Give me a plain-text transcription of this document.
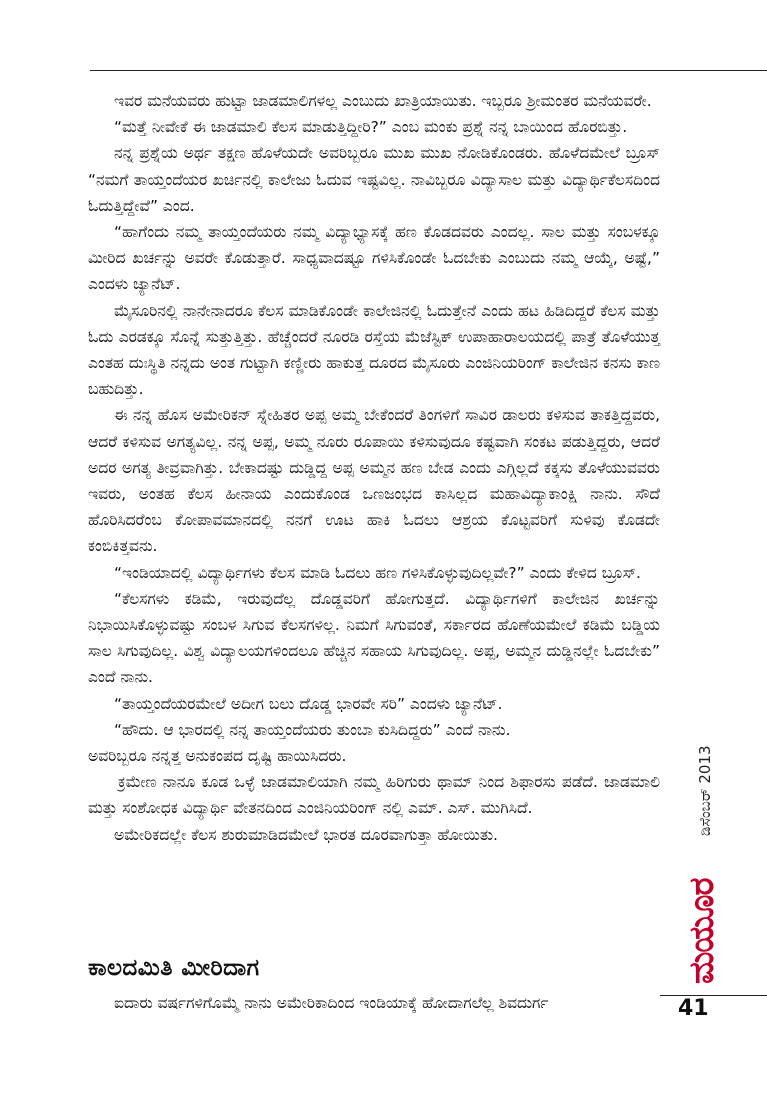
ಇವರ ಮನೆಯವರು ಹುಟ್ಟಾ ಜಾಡಮಾಲಿಗಳಲ್ಲ ಎಂಬುದು ಖಾತ್ರಿಯಾಯಿತು. ಇಬ್ಬರೂ ಶ್ರೀಮಂತರ ಮನೆಯವರೇ.

“ಮತ್ತೆ ನೀವೇಕೆ ಈ ಜಾಡಮಾಲಿ ಕೆಲಸ ಮಾಡುತ್ತಿದ್ದೀರಿ?” ಎಂಬ ಮಂಕು ಪ್ರಶ್ನೆ ನನ್ನ ಬಾಯಿಂದ ಹೊರಬಿತ್ತು.

ನನ್ನ ಪ್ರಶ್ನೆಯ ಅರ್ಥ ತಕ್ಷಣ ಹೊಳೆಯದೇ ಅವರಿಬ್ಬರೂ ಮುಖ ಮುಖ ನೋಡಿಕೊಂಡರು. ಹೊಳೆದಮೇಲೆ ಬ್ರೂಸ್ “ನಮಗೆ ತಾಯ್ತಂದೆಯರ ಖರ್ಚಿನಲ್ಲಿ ಕಾಲೇಜು ಓದುವ ಇಷ್ಟವಿಲ್ಲ. ನಾವಿಬ್ಬರೂ ವಿದ್ಯಾಸಾಲ ಮತ್ತು ವಿದ್ಯಾರ್ಥಿಕೆಲಸದಿಂದ ಓದುತ್ತಿದ್ದೇವೆ” ಎಂದ.

“ಹಾಗೆಂದು ನಮ್ಮ ತಾಯ್ತಂದೆಯರು ನಮ್ಮ ವಿದ್ಯಾಭ್ಯಾಸಕ್ಕೆ ಹಣ ಕೊಡದವರು ಎಂದಲ್ಲ. ಸಾಲ ಮತ್ತು ಸಂಬಳಕ್ಕೂ ಮೀರಿದ ಖರ್ಚನ್ನು ಅವರೇ ಕೊಡುತ್ತಾರೆ. ಸಾಧ್ಯವಾದಷ್ಟೂ ಗಳಿಸಿಕೊಂಡೇ ಓದಬೇಕು ಎಂಬುದು ನಮ್ಮ ಆಯ್ಕೆ, ಅಷ್ಟೆ,” ಎಂದಳು ಜ್ಯಾನೆಟ್.

ಮೈಸೂರಿನಲ್ಲಿ ನಾನೇನಾದರೂ ಕೆಲಸ ಮಾಡಿಕೊಂಡೇ ಕಾಲೇಜಿನಲ್ಲಿ ಓದುತ್ತೇನೆ ಎಂದು ಹಟ ಹಿಡಿದಿದ್ದರೆ ಕೆಲಸ ಮತ್ತು ಓದು ಎರಡಕ್ಕೂ ಸೊನ್ನೆ ಸುತ್ತುತ್ತಿತ್ತು. ಹೆಚ್ಚೆಂದರೆ ನೂರಡಿ ರಸ್ತೆಯ ಮೆಜೆಸ್ಟಿಕ್ ಉಪಾಹಾರಾಲಯದಲ್ಲಿ ಪಾತ್ರೆ ತೊಳೆಯುತ್ತ ಎಂತಹ ದುಃಸ್ಥಿತಿ ನನ್ನದು ಅಂತ ಗುಟ್ಟಾಗಿ ಕಣ್ಣೀರು ಹಾಕುತ್ತ ದೂರದ ಮೈಸೂರು ಎಂಜಿನಿಯರಿಂಗ್ ಕಾಲೇಜಿನ ಕನಸು ಕಾಣ ಬಹುದಿತ್ತು.

ಈ ನನ್ನ ಹೊಸ ಅಮೇರಿಕನ್ ಸ್ನೇಹಿತರ ಅಪ್ಪ ಅಮ್ಮ ಬೇಕೆಂದರೆ ತಿಂಗಳಿಗೆ ಸಾವಿರ ಡಾಲರು ಕಳಿಸುವ ತಾಕತ್ತಿದ್ದವರು, ಆದರೆ ಕಳಿಸುವ ಅಗತ್ಯವಿಲ್ಲ. ನನ್ನ ಅಪ್ಪ, ಅಮ್ಮ ನೂರು ರೂಪಾಯಿ ಕಳಿಸುವುದೂ ಕಷ್ಟವಾಗಿ ಸಂಕಟ ಪಡುತ್ತಿದ್ದರು, ಆದರೆ ಅದರ ಅಗತ್ಯ ತೀವ್ರವಾಗಿತ್ತು. ಬೇಕಾದಷ್ಟು ದುಡ್ಡಿದ್ದ ಅಪ್ಪ ಅಮ್ಮನ ಹಣ ಬೇಡ ಎಂದು ಎಗ್ಗಿಲ್ಲದೆ ಕಕ್ಕಸು ತೊಳೆಯುವವರು ಇವರು, ಅಂತಹ ಕೆಲಸ ಹೀನಾಯ ಎಂದುಕೊಂಡ ಒಣಜಂಭದ ಕಾಸಿಲ್ಲದ ಮಹಾವಿದ್ಯಾಕಾಂಕ್ಷಿ ನಾನು. ಸೌದೆ ಹೊರಿಸಿದರೆಂಬ ಕೋಪಾವಮಾನದಲ್ಲಿ ನನಗೆ ಊಟ ಹಾಕಿ ಓದಲು ಆಶ್ರಯ ಕೊಟ್ಟವರಿಗೆ ಸುಳಿವು ಕೊಡದೇ ಕಂಬಿಕಿತ್ತವನು.

“ಇಂಡಿಯಾದಲ್ಲಿ ವಿದ್ಯಾರ್ಥಿಗಳು ಕೆಲಸ ಮಾಡಿ ಓದಲು ಹಣ ಗಳಿಸಿಕೊಳ್ಳುವುದಿಲ್ಲವೇ?” ಎಂದು ಕೇಳಿದ ಬ್ರೂಸ್.

“ಕೆಲಸಗಳು ಕಡಿಮೆ, ಇರುವುದೆಲ್ಲ ದೊಡ್ಡವರಿಗೆ ಹೋಗುತ್ತದೆ. ವಿದ್ಯಾರ್ಥಿಗಳಿಗೆ ಕಾಲೇಜಿನ ಖರ್ಚನ್ನು ನಿಭಾಯಿಸಿಕೊಳ್ಳುವಷ್ಟು ಸಂಬಳ ಸಿಗುವ ಕೆಲಸಗಳಿಲ್ಲ. ನಿಮಗೆ ಸಿಗುವಂತೆ, ಸರ್ಕಾರದ ಹೊಣೆಯಮೇಲೆ ಕಡಿಮೆ ಬಡ್ಡಿಯ ಸಾಲ ಸಿಗುವುದಿಲ್ಲ. ವಿಶ್ವ ವಿದ್ಯಾಲಯಗಳಿಂದಲೂ ಹೆಚ್ಚಿನ ಸಹಾಯ ಸಿಗುವುದಿಲ್ಲ. ಅಪ್ಪ, ಅಮ್ಮನ ದುಡ್ಡಿನಲ್ಲೇ ಓದಬೇಕು” ಎಂದೆ ನಾನು.

“ತಾಯ್ತಂದೆಯರಮೇಲೆ ಅದೀಗ ಬಲು ದೊಡ್ಡ ಭಾರವೇ ಸರಿ” ಎಂದಳು ಜ್ಯಾನೆಟ್.

“ಹೌದು. ಆ ಭಾರದಲ್ಲಿ ನನ್ನ ತಾಯ್ತಂದೆಯರು ತುಂಬಾ ಕುಸಿದಿದ್ದರು” ಎಂದೆ ನಾನು.

ಅವರಿಬ್ಬರೂ ನನ್ನತ್ತ ಅನುಕಂಪದ ದೃಷ್ಟಿ ಹಾಯಿಸಿದರು.

ಕ್ರಮೇಣ ನಾನೂ ಕೂಡ ಒಳ್ಳೆ ಜಾಡಮಾಲಿಯಾಗಿ ನಮ್ಮ ಹಿರಿಗುರು ಥಾಮ್ ನಿಂದ ಶಿಫಾರಸು ಪಡೆದೆ. ಜಾಡಮಾಲಿ ಮತ್ತು ಸಂಶೋಧಕ ವಿದ್ಯಾರ್ಥಿ ವೇತನದಿಂದ ಎಂಜಿನಿಯರಿಂಗ್ ನಲ್ಲಿ ಎಮ್. ಎಸ್. ಮುಗಿಸಿದೆ.

ಅಮೇರಿಕದಲ್ಲೇ ಕೆಲಸ ಶುರುಮಾಡಿದಮೇಲೆ ಭಾರತ ದೂರವಾಗುತ್ತಾ ಹೋಯಿತು.

ಕಾಲದಮಿತಿ ಮೀರಿದಾಗ
ಐದಾರು ವರ್ಷಗಳಿಗೊಮ್ಮೆ ನಾನು ಅಮೇರಿಕಾದಿಂದ ಇಂಡಿಯಾಕ್ಕೆ ಹೋದಾಗಲೆಲ್ಲ ಶಿವದುರ್ಗ
ಡಿಸೆಂಬರ್ 2013
ಮಯೂರ
41
